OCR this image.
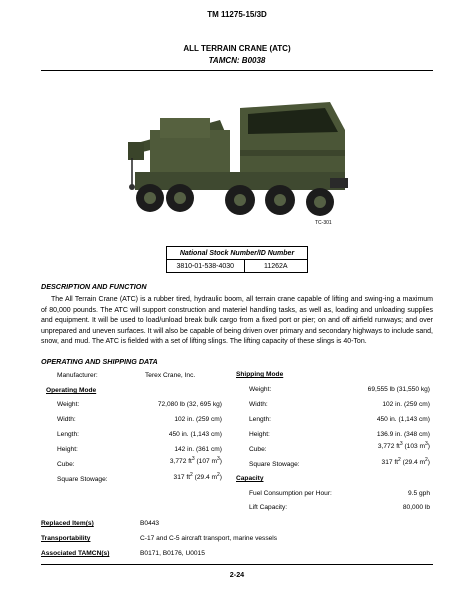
TM 11275-15/3D
ALL TERRAIN CRANE (ATC)
TAMCN: B0038
TC-301
National Stock Number/ID Number
3810-01-538-4030	11262A
DESCRIPTION AND FUNCTION
The All Terrain Crane (ATC) is a rubber tired, hydraulic boom, all terrain crane capable of lifting and swing-ing a maximum of 80,000 pounds. The ATC will support construction and materiel handling tasks, as well as, loading and unloading supplies and equipment. It will be used to load/unload break bulk cargo from a fixed port or pier; on and off airfield runways; and over unprepared and uneven surfaces. It will also be capable of being driven over primary and secondary highways to include sand, snow, and mud. The ATC is fielded with a set of lifting slings. The lifting capacity of these slings is 40-Ton.
OPERATING AND SHIPPING DATA
Manufacturer:	Terex Crane, Inc.
Operating Mode
Weight:	72,080 lb (32, 695 kg)
Width:	102 in. (259 cm)
Length:	450 in. (1,143 cm)
Height:	142 in. (361 cm)
Cube:	3,772 $ft^3$ (107 $m^3$)
Square Stowage:	317 $ft^2$ (29.4 $m^2$)
Shipping Mode
Weight:	69,555 lb (31,550 kg)
Width:	102 in. (259 cm)
Length:	450 in. (1,143 cm)
Height:	136.9 in. (348 cm)
Cube:	3,772 $ft^3$ (103 $m^3$)
Square Stowage:	317 $ft^2$ (29.4 $m^2$)
Capacity
Fuel Consumption per Hour:	9.5 gph
Lift Capacity:	80,000 lb
Replaced Item(s)	B0443
Transportability	C-17 and C-5 aircraft transport, marine vessels
Associated TAMCN(s)	B0171, B0176, U0015
2-24
